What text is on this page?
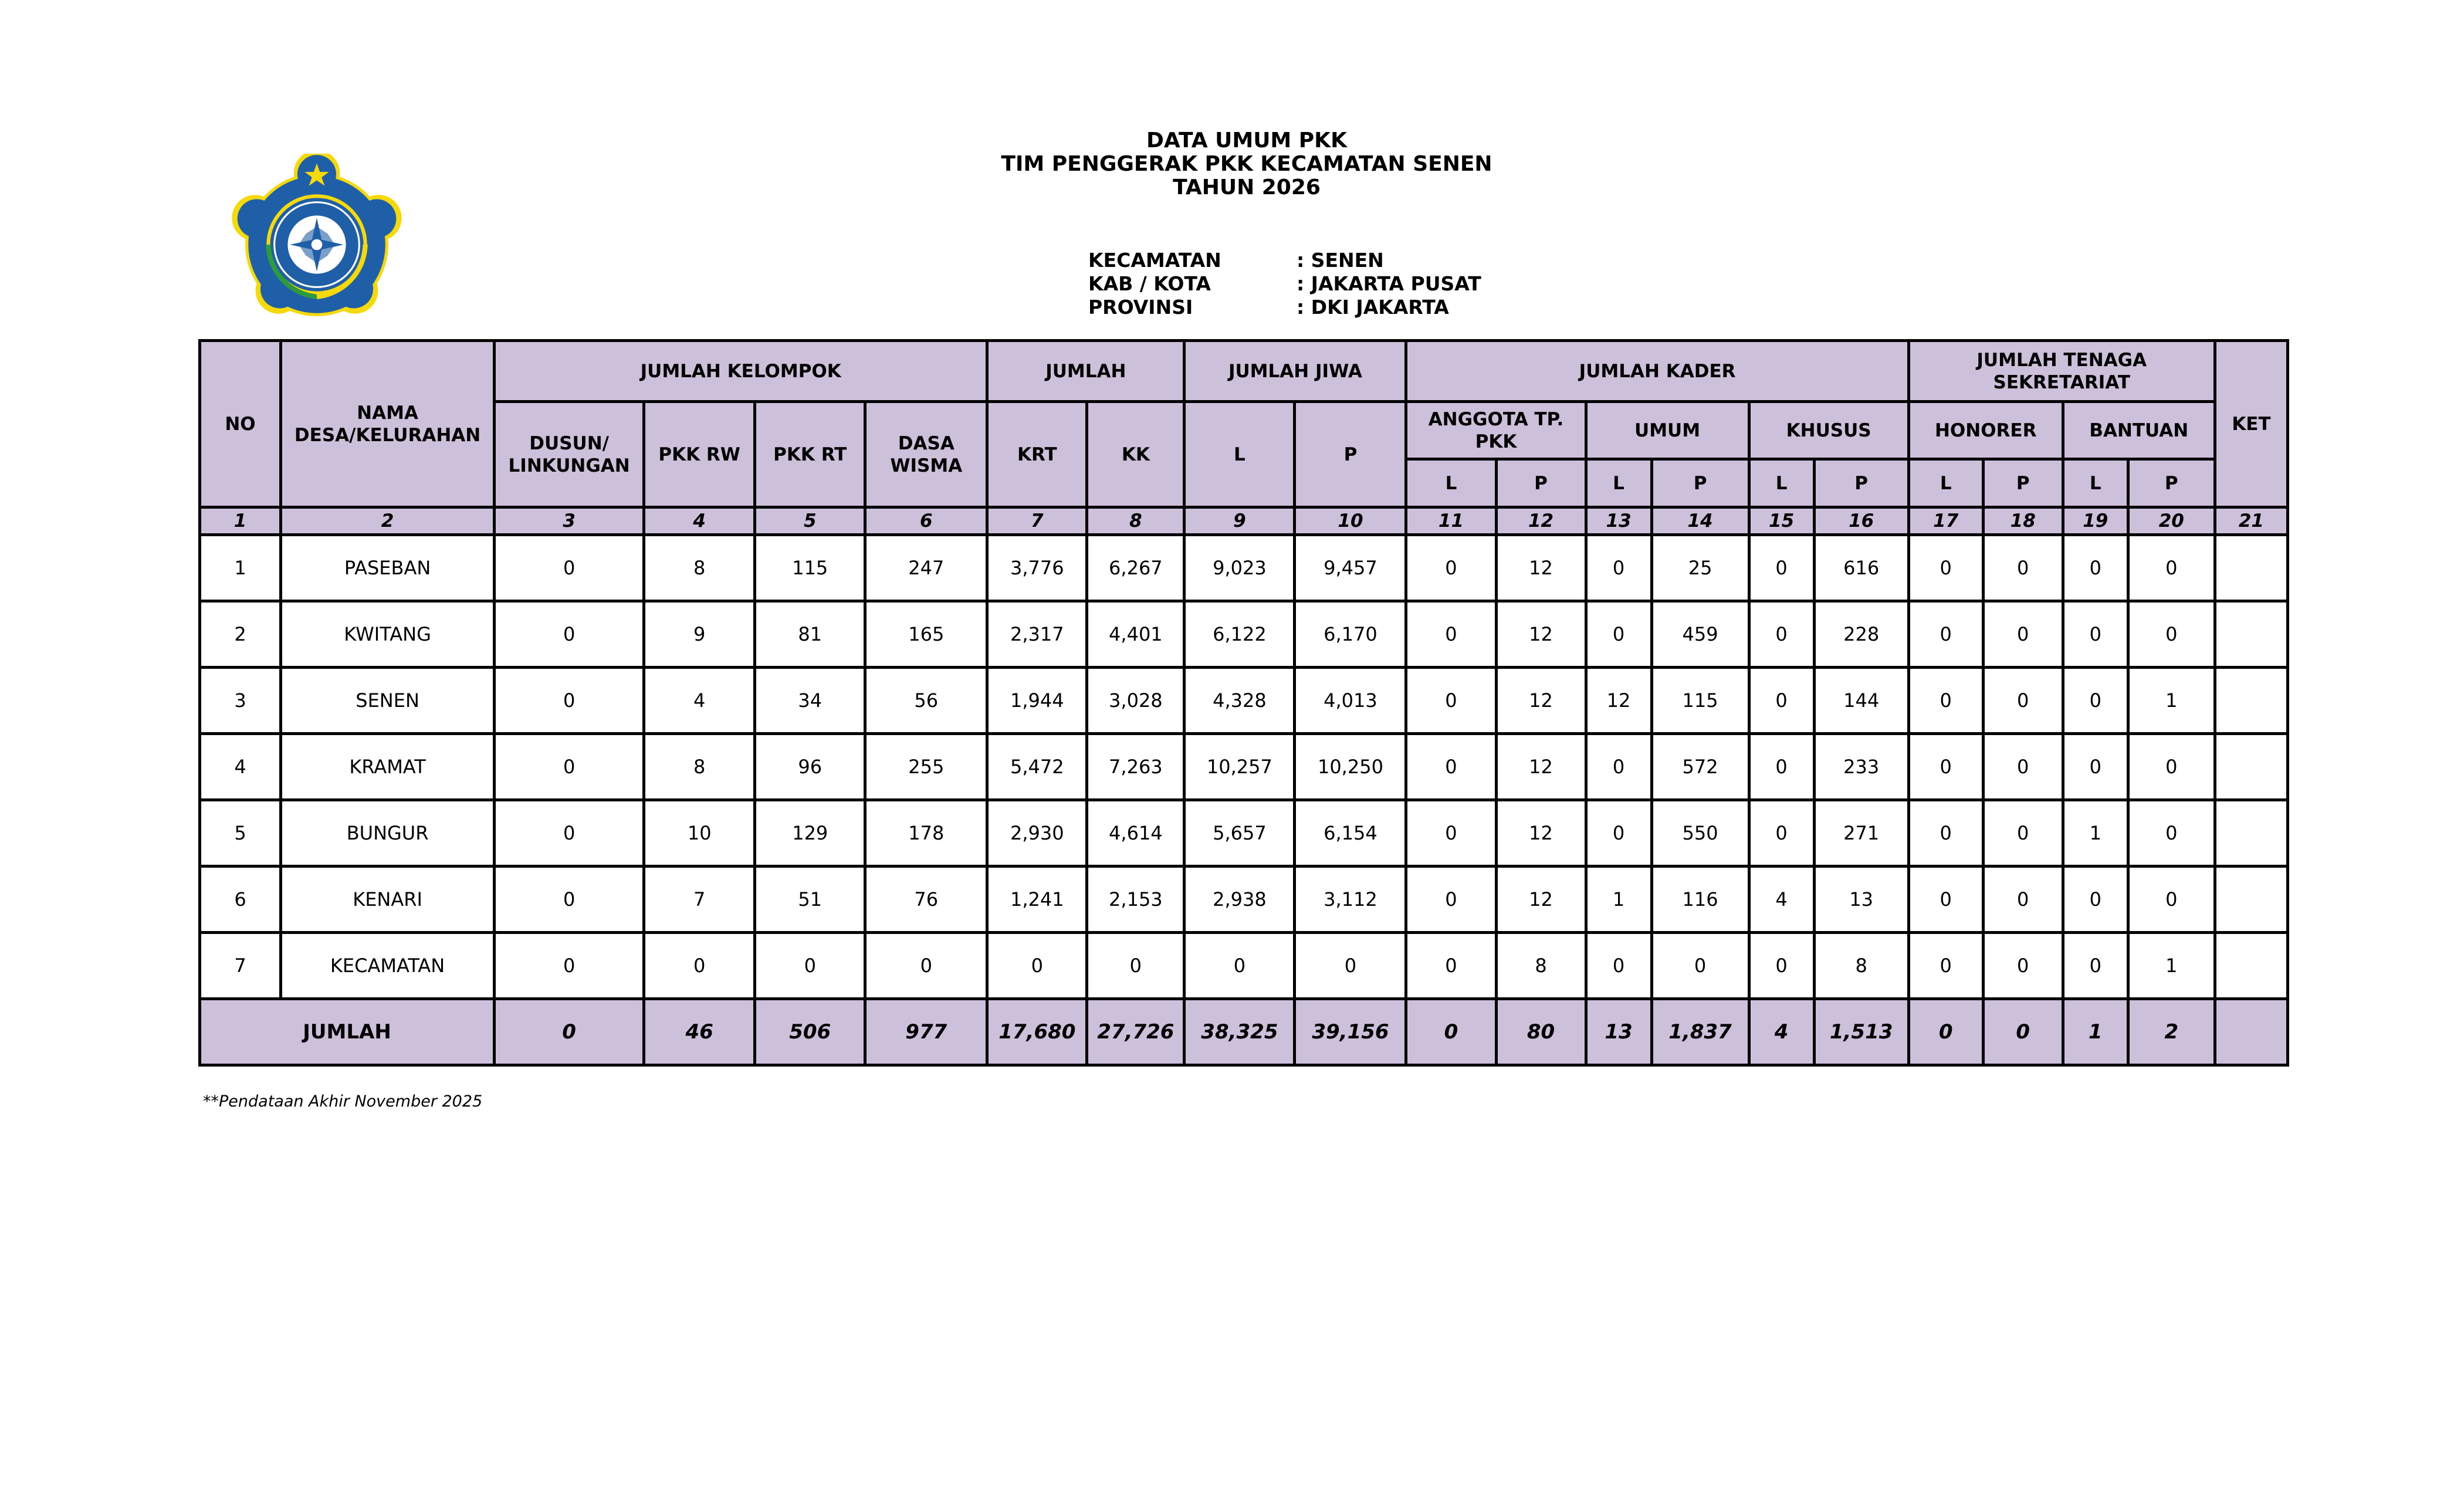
DATA UMUM PKK
TIM PENGGERAK PKK KECAMATAN SENEN
TAHUN 2026
KECAMATAN	: SENEN
KAB / KOTA	: JAKARTA PUSAT
PROVINSI	: DKI JAKARTA
NO	NAMA DESA/KELURAHAN	JUMLAH KELOMPOK				JUMLAH		JUMLAH JIWA		JUMLAH KADER						JUMLAH TENAGA SEKRETARIAT				KET
		DUSUN/ LINKUNGAN	PKK RW	PKK RT	DASA WISMA	KRT	KK	L	P	ANGGOTA TP. PKK		UMUM		KHUSUS		HONORER		BANTUAN		
										L	P	L	P	L	P	L	P	L	P	
1	2	3	4	5	6	7	8	9	10	11	12	13	14	15	16	17	18	19	20	21
1	PASEBAN	0	8	115	247	3,776	6,267	9,023	9,457	0	12	0	25	0	616	0	0	0	0	
2	KWITANG	0	9	81	165	2,317	4,401	6,122	6,170	0	12	0	459	0	228	0	0	0	0	
3	SENEN	0	4	34	56	1,944	3,028	4,328	4,013	0	12	12	115	0	144	0	0	0	1	
4	KRAMAT	0	8	96	255	5,472	7,263	10,257	10,250	0	12	0	572	0	233	0	0	0	0	
5	BUNGUR	0	10	129	178	2,930	4,614	5,657	6,154	0	12	0	550	0	271	0	0	1	0	
6	KENARI	0	7	51	76	1,241	2,153	2,938	3,112	0	12	1	116	4	13	0	0	0	0	
7	KECAMATAN	0	0	0	0	0	0	0	0	0	8	0	0	0	8	0	0	0	1	
JUMLAH		0	46	506	977	17,680	27,726	38,325	39,156	0	80	13	1,837	4	1,513	0	0	1	2	
**Pendataan Akhir November 2025
